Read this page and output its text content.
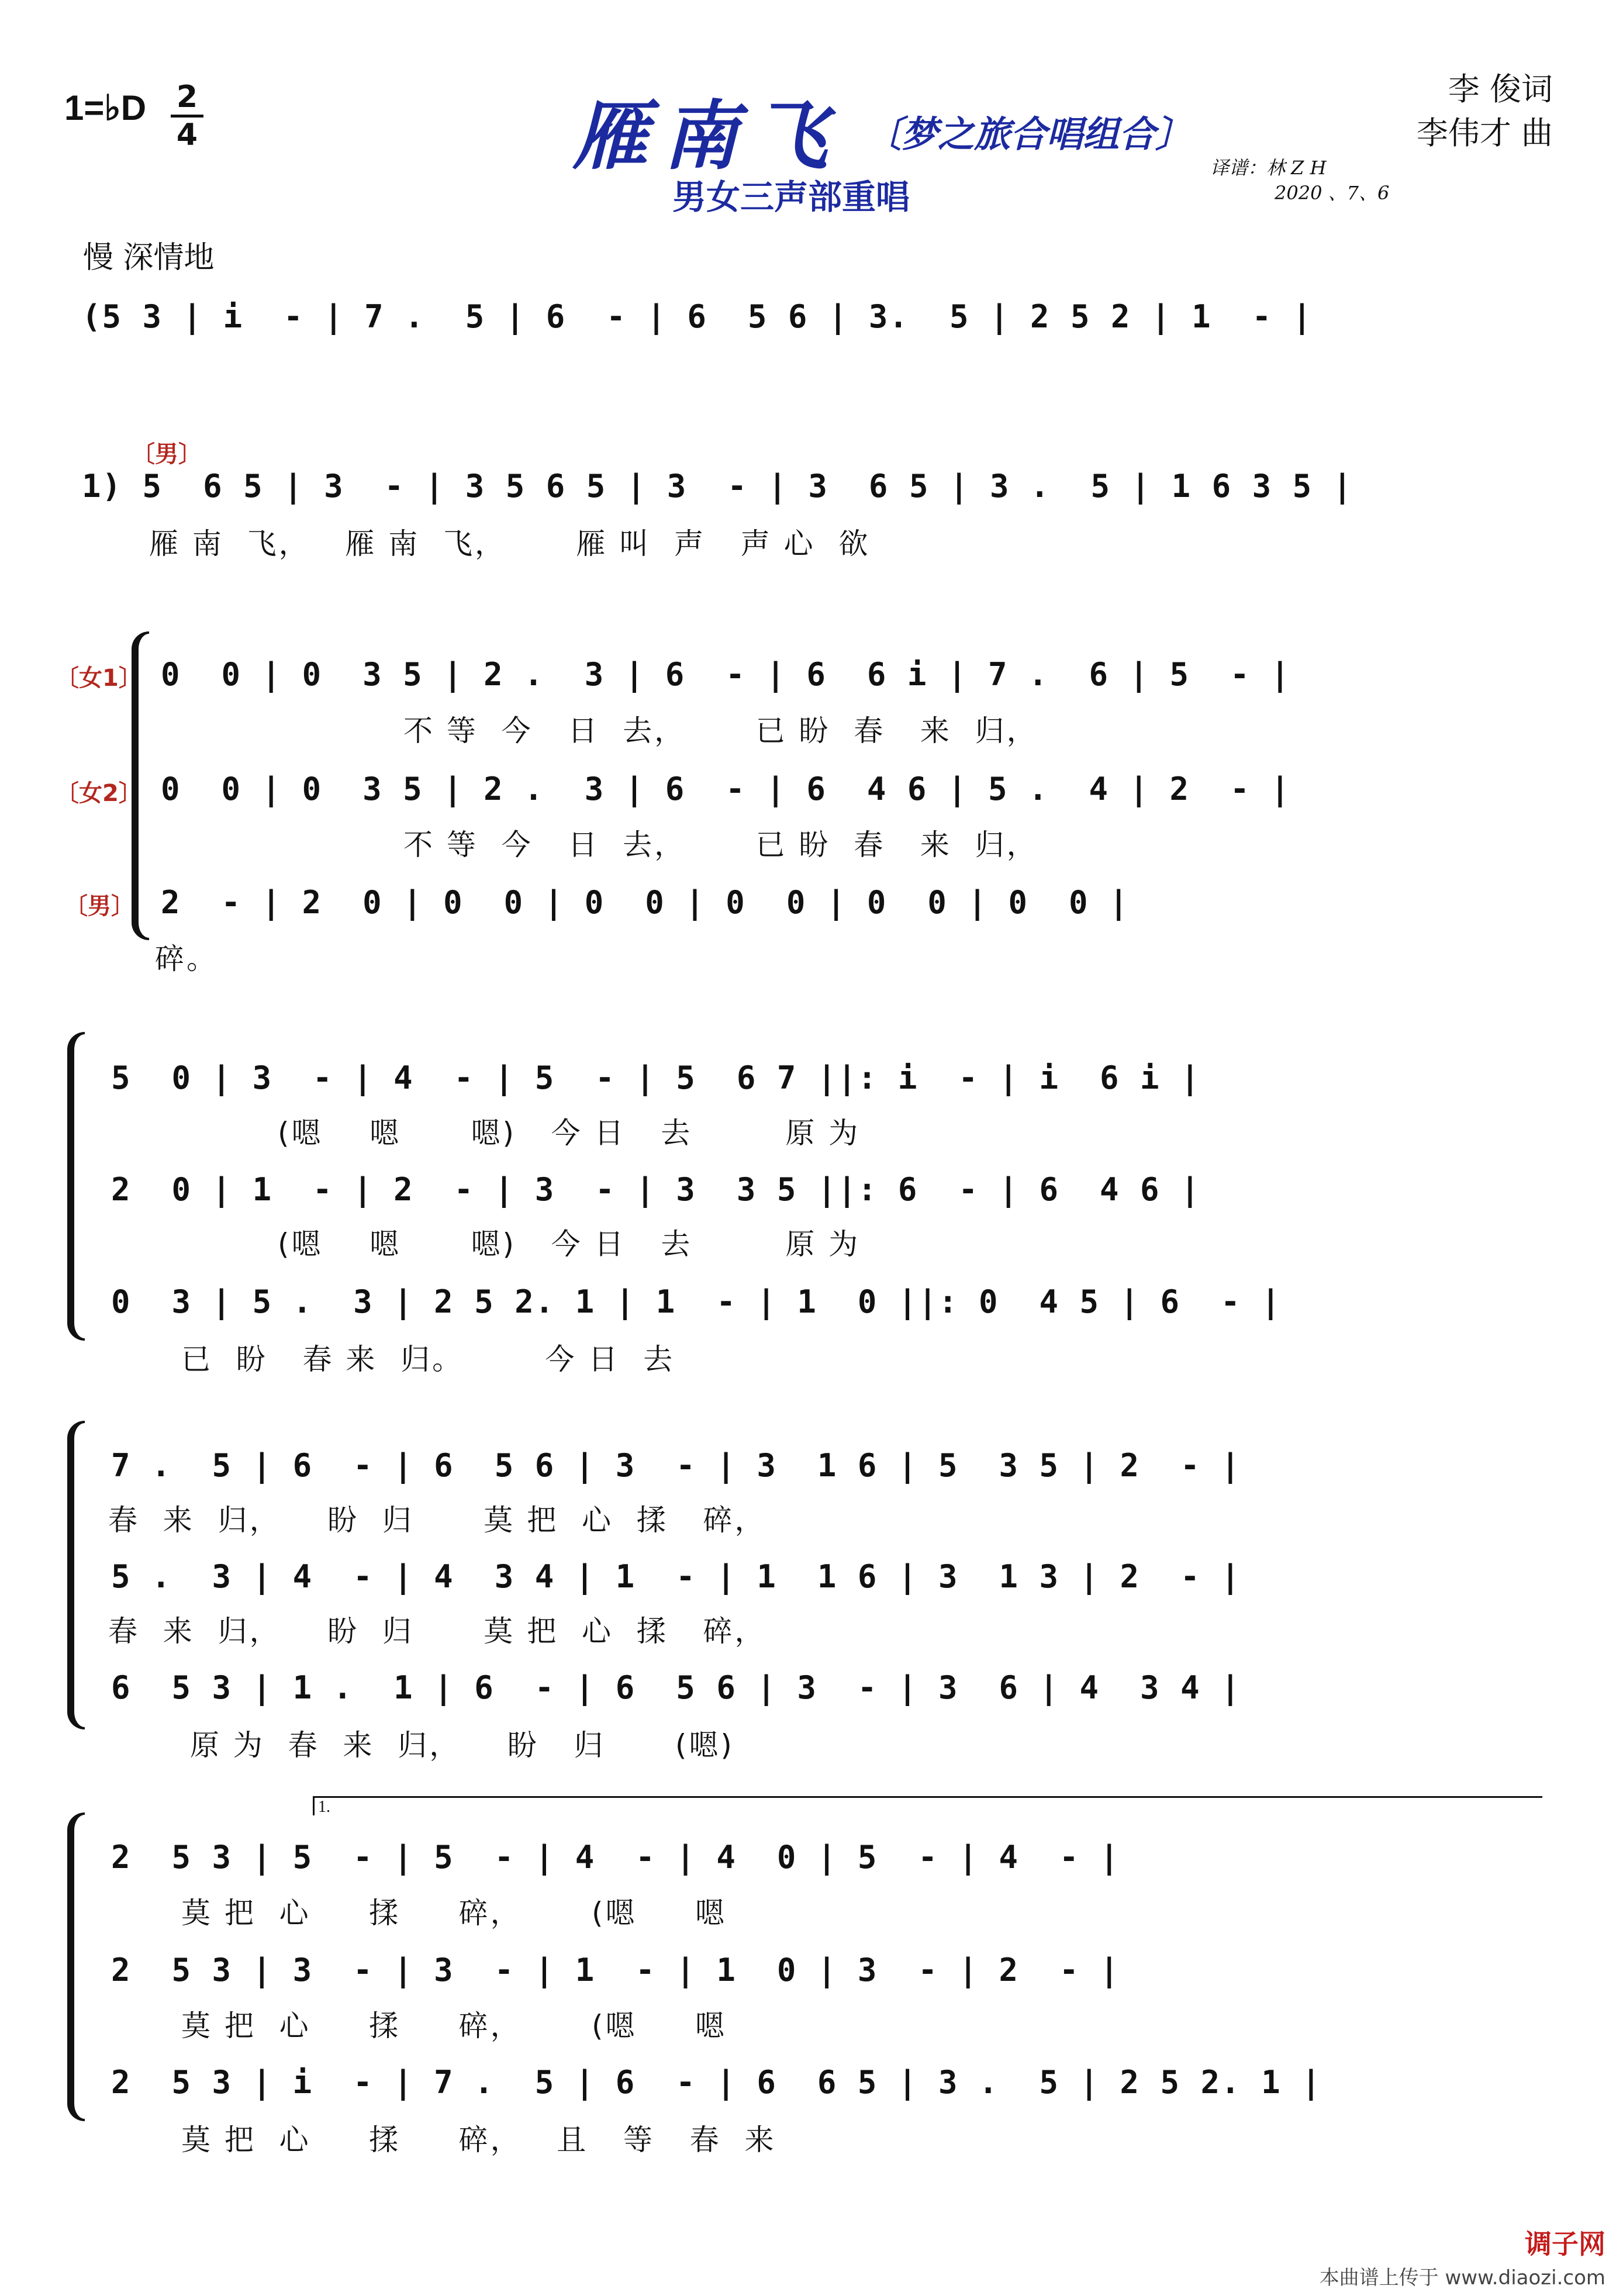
1=♭D 2
4	雁南飞 〔梦之旅合唱组合〕
男女三声部重唱
李 俊词
李伟才 曲
译谱：林 Z H
2020 、7、6
慢 深情地
(5 3 | i  - | 7 .  5 | 6  - | 6  5 6 | 3.  5 | 2 5 2 | 1  - |
〔男〕
1) 5  6 5 | 3  - | 3 5 6 5 | 3  - | 3  6 5 | 3 .  5 | 1 6 3 5 |
雁 南  飞，   雁 南  飞，      雁 叫  声   声 心  欲
〔女1〕 0  0 | 0  3 5 | 2 .  3 | 6  - | 6  6 i | 7 .  6 | 5  - |
不 等  今   日  去，      已 盼  春   来  归，
〔女2〕 0  0 | 0  3 5 | 2 .  3 | 6  - | 6  4 6 | 5 .  4 | 2  - |
不 等  今   日  去，      已 盼  春   来  归，
〔男〕 2  - | 2  0 | 0  0 | 0  0 | 0  0 | 0  0 | 0  0 |
碎。
5  0 | 3  - | 4  - | 5  - | 5  6 7 ||: i  - | i  6 i |
(嗯    嗯      嗯)   今 日   去        原 为
2  0 | 1  - | 2  - | 3  - | 3  3 5 ||: 6  - | 6  4 6 |
(嗯    嗯      嗯)   今 日   去        原 为
0  3 | 5 .  3 | 2 5 2. 1 | 1  - | 1  0 ||: 0  4 5 | 6  - |
已  盼   春 来  归。       今 日  去
7 .  5 | 6  - | 6  5 6 | 3  - | 3  1 6 | 5  3 5 | 2  - |
春  来  归，    盼  归      莫 把  心  揉   碎，
5 .  3 | 4  - | 4  3 4 | 1  - | 1  1 6 | 3  1 3 | 2  - |
春  来  归，    盼  归      莫 把  心  揉   碎，
6  5 3 | 1 .  1 | 6  - | 6  5 6 | 3  - | 3  6 | 4  3 4 |
原 为  春  来  归，    盼   归      (嗯)
1.
2  5 3 | 5  - | 5  - | 4  - | 4  0 | 5  - | 4  - |
莫 把  心     揉     碎，      (嗯     嗯
2  5 3 | 3  - | 3  - | 1  - | 1  0 | 3  - | 2  - |
莫 把  心     揉     碎，      (嗯     嗯
2  5 3 | i  - | 7 .  5 | 6  - | 6  6 5 | 3 .  5 | 2 5 2. 1 |
莫 把  心     揉     碎，   且   等   春  来
调子网
本曲谱上传于 www.diaozi.com
